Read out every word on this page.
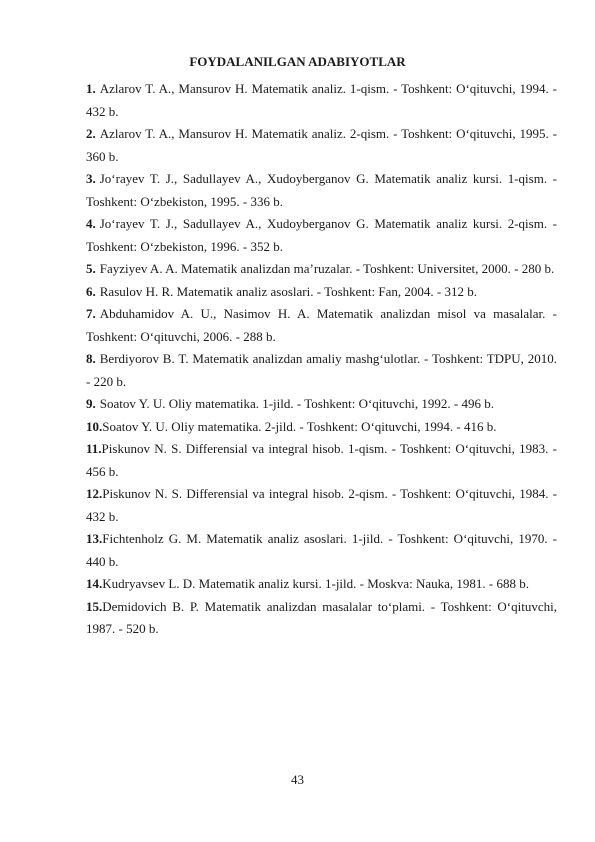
FOYDALANILGAN ADABIYOTLAR

1. Azlarov T. A., Mansurov H. Matematik analiz. 1-qism. - Toshkent: O‘qituvchi, 1994. - 432 b.

2. Azlarov T. A., Mansurov H. Matematik analiz. 2-qism. - Toshkent: O‘qituvchi, 1995. - 360 b.

3. Jo‘rayev T. J., Sadullayev A., Xudoyberganov G. Matematik analiz kursi. 1-qism. - Toshkent: O‘zbekiston, 1995. - 336 b.

4. Jo‘rayev T. J., Sadullayev A., Xudoyberganov G. Matematik analiz kursi. 2-qism. - Toshkent: O‘zbekiston, 1996. - 352 b.

5. Fayziyev A. A. Matematik analizdan ma’ruzalar. - Toshkent: Universitet, 2000. - 280 b.

6. Rasulov H. R. Matematik analiz asoslari. - Toshkent: Fan, 2004. - 312 b.

7. Abduhamidov A. U., Nasimov H. A. Matematik analizdan misol va masalalar. - Toshkent: O‘qituvchi, 2006. - 288 b.

8. Berdiyorov B. T. Matematik analizdan amaliy mashg‘ulotlar. - Toshkent: TDPU, 2010. - 220 b.

9. Soatov Y. U. Oliy matematika. 1-jild. - Toshkent: O‘qituvchi, 1992. - 496 b.

10.Soatov Y. U. Oliy matematika. 2-jild. - Toshkent: O‘qituvchi, 1994. - 416 b.

11.Piskunov N. S. Differensial va integral hisob. 1-qism. - Toshkent: O‘qituvchi, 1983. - 456 b.

12.Piskunov N. S. Differensial va integral hisob. 2-qism. - Toshkent: O‘qituvchi, 1984. - 432 b.

13.Fichtenholz G. M. Matematik analiz asoslari. 1-jild. - Toshkent: O‘qituvchi, 1970. - 440 b.

14.Kudryavsev L. D. Matematik analiz kursi. 1-jild. - Moskva: Nauka, 1981. - 688 b.

15.Demidovich B. P. Matematik analizdan masalalar to‘plami. - Toshkent: O‘qituvchi, 1987. - 520 b.

43
